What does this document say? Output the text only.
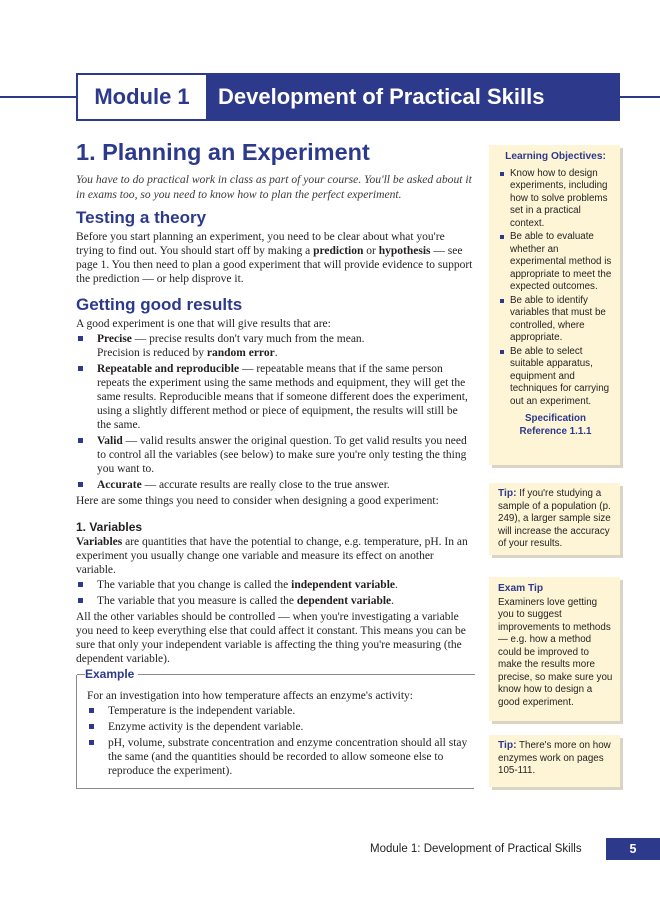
Module 1	Development of Practical Skills
1. Planning an Experiment

You have to do practical work in class as part of your course. You'll be asked about it in exams too, so you need to know how to plan the perfect experiment.

Testing a theory

Before you start planning an experiment, you need to be clear about what you're trying to find out. You should start off by making a prediction or hypothesis — see page 1. You then need to plan a good experiment that will provide evidence to support the prediction — or help disprove it.

Getting good results

A good experiment is one that will give results that are:

Precise — precise results don't vary much from the mean.
Precision is reduced by random error.
Repeatable and reproducible — repeatable means that if the same person repeats the experiment using the same methods and equipment, they will get the same results. Reproducible means that if someone different does the experiment, using a slightly different method or piece of equipment, the results will still be the same.
Valid — valid results answer the original question. To get valid results you need to control all the variables (see below) to make sure you're only testing the thing you want to.
Accurate — accurate results are really close to the true answer.

Here are some things you need to consider when designing a good experiment:

1. Variables

Variables are quantities that have the potential to change, e.g. temperature, pH. In an experiment you usually change one variable and measure its effect on another variable.

The variable that you change is called the independent variable.
The variable that you measure is called the dependent variable.

All the other variables should be controlled — when you're investigating a variable you need to keep everything else that could affect it constant. This means you can be sure that only your independent variable is affecting the thing you're measuring (the dependent variable).

Example

For an investigation into how temperature affects an enzyme's activity:

Temperature is the independent variable.
Enzyme activity is the dependent variable.
pH, volume, substrate concentration and enzyme concentration should all stay the same (and the quantities should be recorded to allow someone else to reproduce the experiment).
Learning Objectives:
Know how to design experiments, including how to solve problems set in a practical context.
Be able to evaluate whether an experimental method is appropriate to meet the expected outcomes.
Be able to identify variables that must be controlled, where appropriate.
Be able to select suitable apparatus, equipment and techniques for carrying out an experiment.
Specification
Reference 1.1.1
Tip: If you're studying a sample of a population (p. 249), a larger sample size will increase the accuracy of your results.
Exam Tip
Examiners love getting you to suggest improvements to methods — e.g. how a method could be improved to make the results more precise, so make sure you know how to design a good experiment.
Tip: There's more on how enzymes work on pages 105-111.
Module 1: Development of Practical Skills	5
